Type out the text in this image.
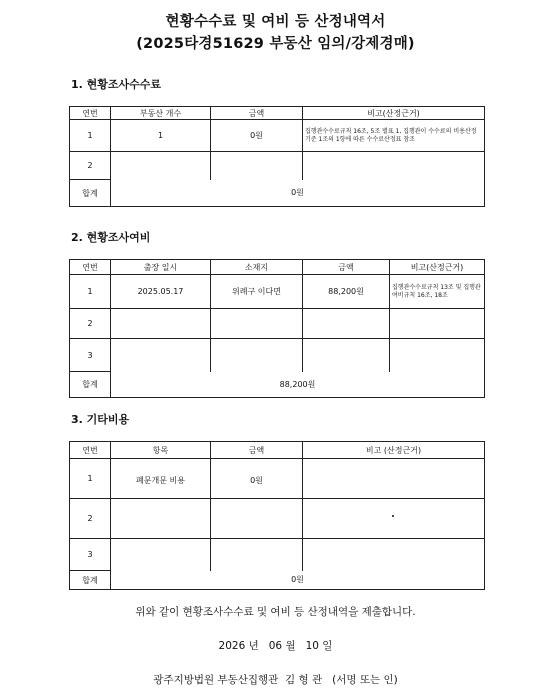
현황수수료 및 여비 등 산정내역서
(2025타경51629 부동산 임의/강제경매)
1. 현황조사수수료
연번	부동산 개수	금액	비고(산정근거)
1	1	0원	집행관수수료규칙 16조, 5조 별표 1, 집행관이 수수료의 비용산정기준 1조의 1항에 따른 수수료산정표 참조
2			
합계	0원		
2. 현황조사여비
연번	출장 일시	소재지	금액	비고(산정근거)
1	2025.05.17	위례구 이다면	88,200원	집행관수수료규칙 13조 및 집행관여비규칙 16조, 18조
2				
3				
합계	88,200원			
3. 기타비용
연번	항목	금액	비고 (산정근거)
1	폐문개문 비용	0원	
2			
3			
합계	0원		
위와 같이 현황조사수수료 및 여비 등 산정내역을 제출합니다.
2026 년   06 월   10 일
광주지방법원 부동산집행관  김 형 관   (서명 또는 인)
